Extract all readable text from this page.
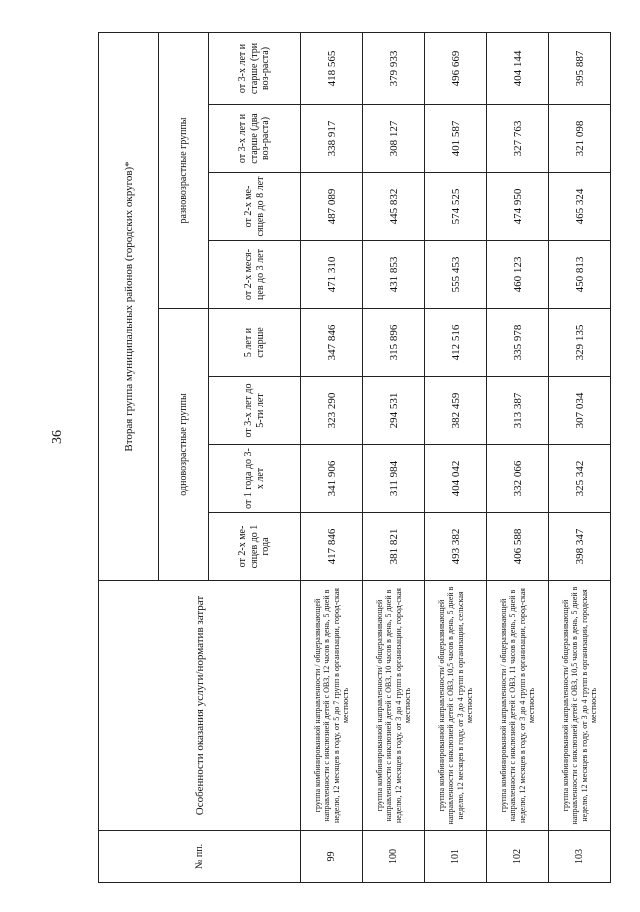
36
№ пп.	Особенности оказания услуги/норматив затрат	Вторая группа муниципальных районов (городских округов)*							
		одновозрастные группы				разновозрастные группы			
		от 2-х ме-сяцев до 1 года	от 1 года до 3-х лет	от 3-х лет до 5-ти лет	5 лет и старше	от 2-х меся-цев до 3 лет	от 2-х ме-сяцев до 8 лет	от 3-х лет и старше (два воз-раста)	от 3-х лет и старше (три воз-раста)
99	группа комбинированной направленности / общеразвивающей направленности с инклюзией детей с ОВЗ, 12 часов в день, 5 дней в неделю, 12 месяцев в году, от 5 до 7 групп в организации, город-ская местность	417 846	341 906	323 290	347 846	471 310	487 089	338 917	418 565
100	группа комбинированной направленности/ общеразвивающей направленности с инклюзией детей с ОВЗ, 10 часов в день, 5 дней в неделю, 12 месяцев в году, от 3 до 4 групп в организации, город-ская местность	381 821	311 984	294 531	315 896	431 853	445 832	308 127	379 933
101	группа комбинированной направленности/ общеразвивающей направленности с инклюзией детей с ОВЗ, 10,5 часов в день, 5 дней в неделю, 12 месяцев в году, от 3 до 4 групп в организации, сельская местность	493 382	404 042	382 459	412 516	555 453	574 525	401 587	496 669
102	группа комбинированной направленности / общеразвивающей направленности с инклюзией детей с ОВЗ, 11 часов в день, 5 дней в неделю, 12 месяцев в году, от 3 до 4 групп в организации, город-ская местность	406 588	332 066	313 387	335 978	460 123	474 950	327 763	404 144
103	группа комбинированной направленности/ общеразвивающей направленности с инклюзией детей с ОВЗ, 10,5 часов в день, 5 дней в неделю, 12 месяцев в году, от 3 до 4 групп в организации, городская местность	398 347	325 342	307 034	329 135	450 813	465 324	321 098	395 887
